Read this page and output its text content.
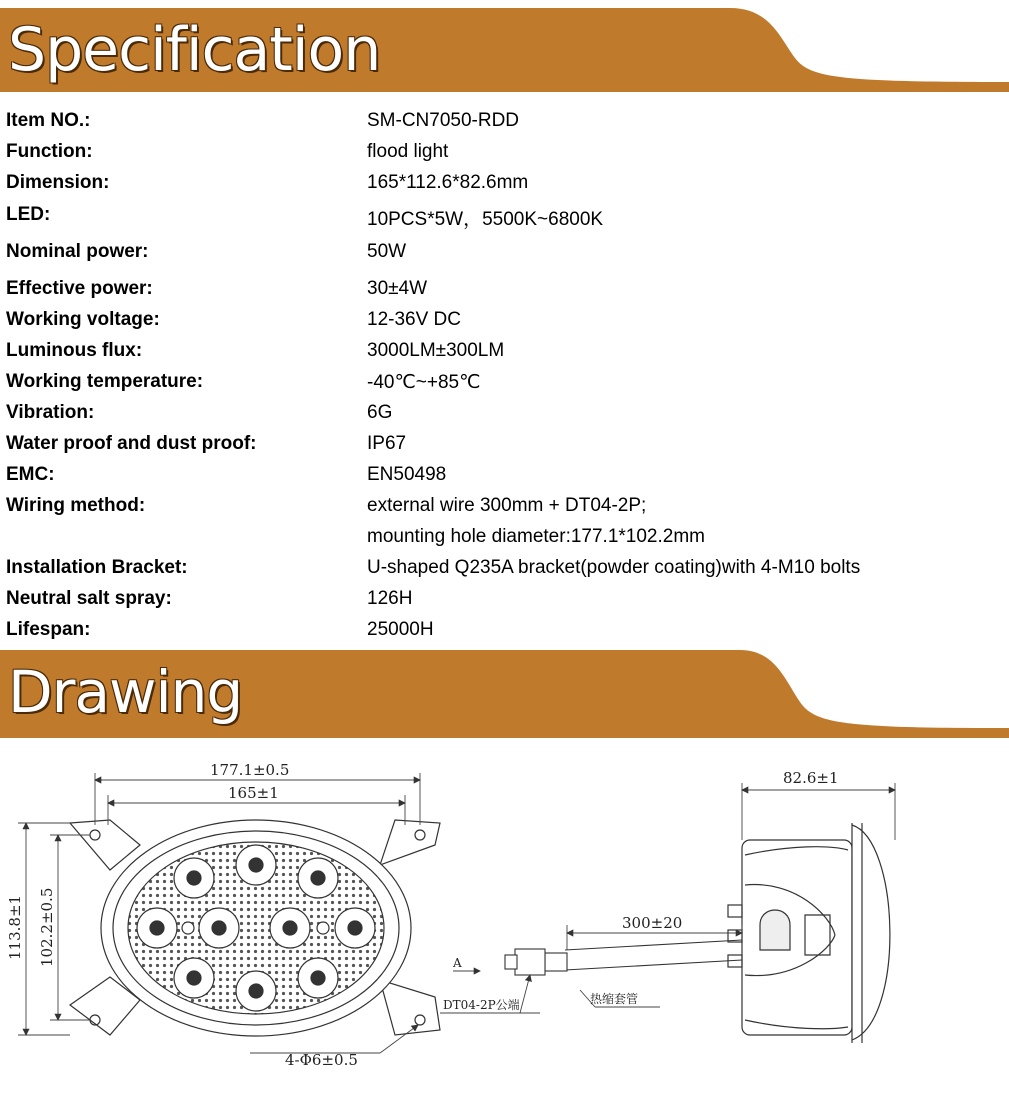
Specification
Item NO.:	SM-CN7050-RDD
Function:	flood light
Dimension:	165*112.6*82.6mm
LED:	10PCS*5W，5500K~6800K
Nominal power:	50W
Effective power:	30±4W
Working voltage:	12-36V DC
Luminous flux:	3000LM±300LM
Working temperature:	-40℃~+85℃
Vibration:	6G
Water proof and dust proof:	IP67
EMC:	EN50498
Wiring method:	external wire 300mm + DT04-2P;
mounting hole diameter:177.1*102.2mm
Installation Bracket:	U-shaped Q235A bracket(powder coating)with 4-M10 bolts
Neutral salt spray:	126H
Lifespan:	25000H
Drawing
177.1±0.5
165±1
113.8±1 102.2±0.5
4-Φ6±0.5
82.6±1
300±20
DT04-2P公端	热缩套管
A
